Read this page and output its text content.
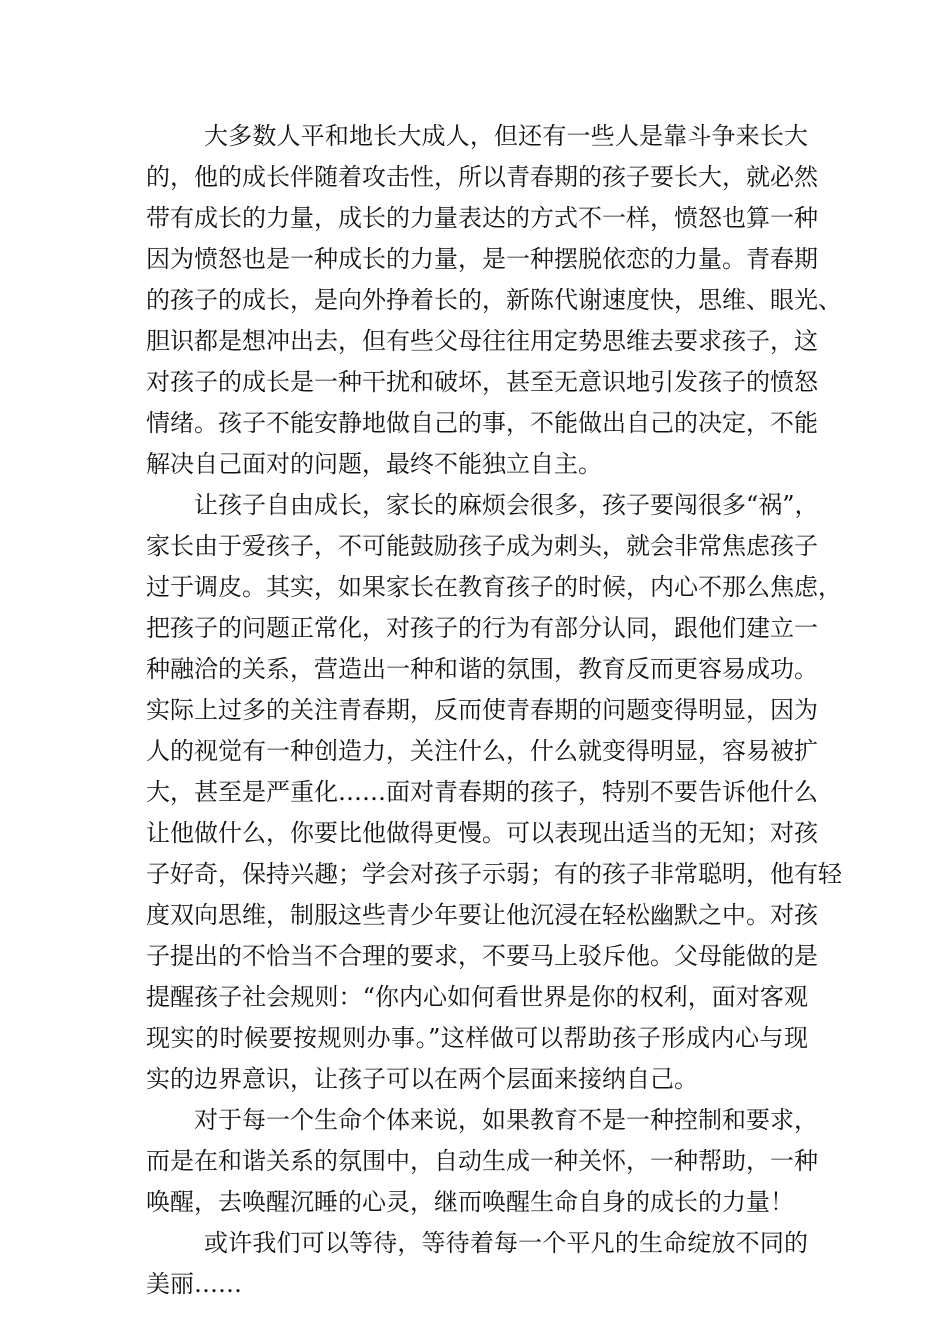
大多数人平和地长大成人，但还有一些人是靠斗争来长大
的，他的成长伴随着攻击性，所以青春期的孩子要长大，就必然
带有成长的力量，成长的力量表达的方式不一样，愤怒也算一种
因为愤怒也是一种成长的力量，是一种摆脱依恋的力量。青春期
的孩子的成长，是向外挣着长的，新陈代谢速度快，思维、眼光、
胆识都是想冲出去，但有些父母往往用定势思维去要求孩子，这
对孩子的成长是一种干扰和破坏，甚至无意识地引发孩子的愤怒
情绪。孩子不能安静地做自己的事，不能做出自己的决定，不能
解决自己面对的问题，最终不能独立自主。
让孩子自由成长，家长的麻烦会很多，孩子要闯很多“祸”，
家长由于爱孩子，不可能鼓励孩子成为刺头，就会非常焦虑孩子
过于调皮。其实，如果家长在教育孩子的时候，内心不那么焦虑，
把孩子的问题正常化，对孩子的行为有部分认同，跟他们建立一
种融洽的关系，营造出一种和谐的氛围，教育反而更容易成功。
实际上过多的关注青春期，反而使青春期的问题变得明显，因为
人的视觉有一种创造力，关注什么，什么就变得明显，容易被扩
大，甚至是严重化……面对青春期的孩子，特别不要告诉他什么
让他做什么，你要比他做得更慢。可以表现出适当的无知；对孩
子好奇，保持兴趣；学会对孩子示弱；有的孩子非常聪明，他有轻
度双向思维，制服这些青少年要让他沉浸在轻松幽默之中。对孩
子提出的不恰当不合理的要求，不要马上驳斥他。父母能做的是
提醒孩子社会规则：“你内心如何看世界是你的权利，面对客观
现实的时候要按规则办事。”这样做可以帮助孩子形成内心与现
实的边界意识，让孩子可以在两个层面来接纳自己。
对于每一个生命个体来说，如果教育不是一种控制和要求，
而是在和谐关系的氛围中，自动生成一种关怀，一种帮助，一种
唤醒，去唤醒沉睡的心灵，继而唤醒生命自身的成长的力量！
或许我们可以等待，等待着每一个平凡的生命绽放不同的
美丽……
